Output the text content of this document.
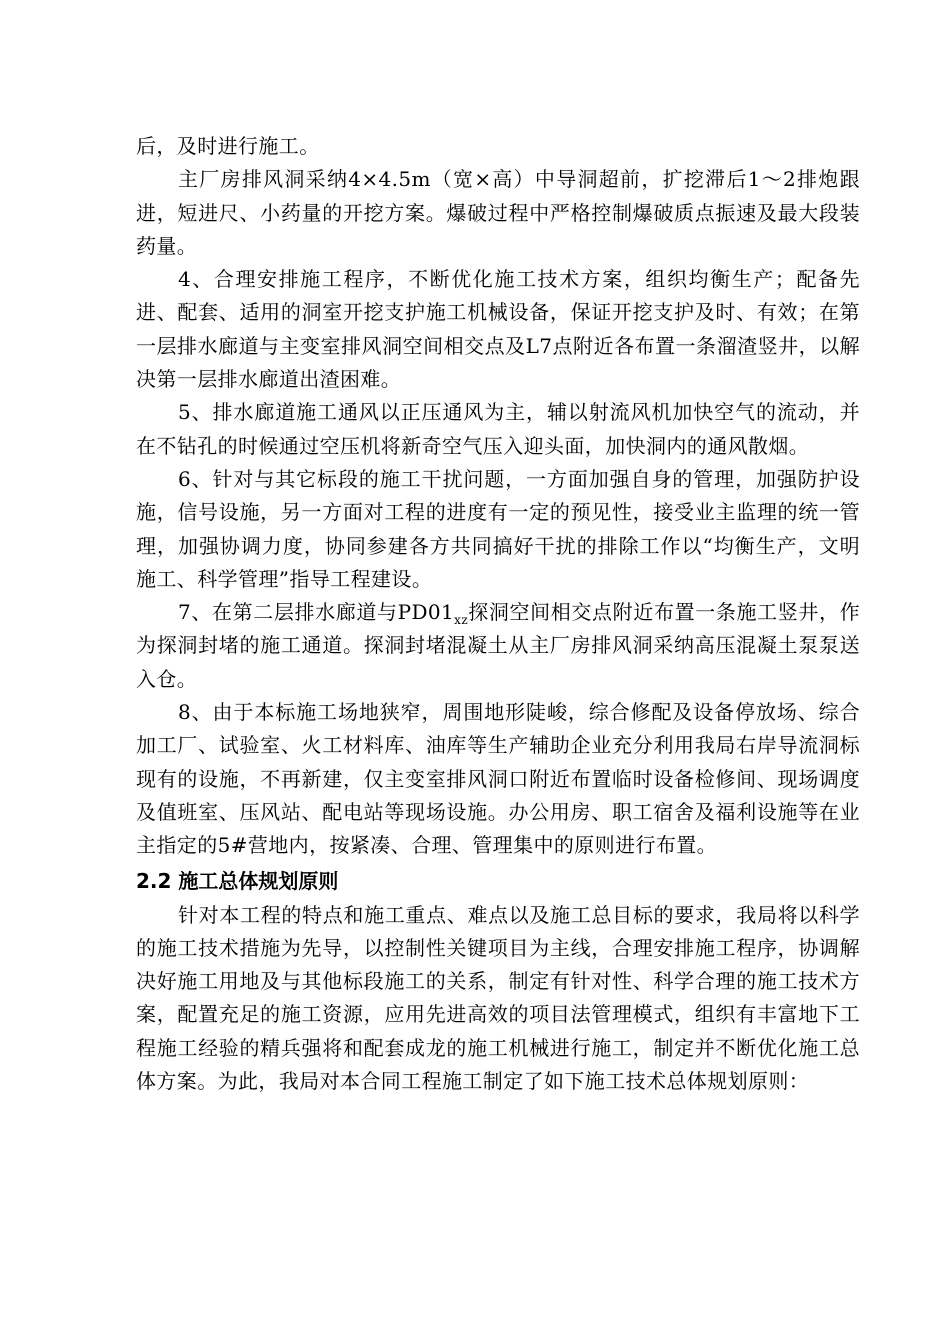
后，及时进行施工。

主厂房排风洞采纳4×4.5m（宽×高）中导洞超前，扩挖滞后1～2排炮跟进，短进尺、小药量的开挖方案。爆破过程中严格控制爆破质点振速及最大段装药量。

4、合理安排施工程序，不断优化施工技术方案，组织均衡生产；配备先进、配套、适用的洞室开挖支护施工机械设备，保证开挖支护及时、有效；在第一层排水廊道与主变室排风洞空间相交点及L7点附近各布置一条溜渣竖井，以解决第一层排水廊道出渣困难。

5、排水廊道施工通风以正压通风为主，辅以射流风机加快空气的流动，并在不钻孔的时候通过空压机将新奇空气压入迎头面，加快洞内的通风散烟。

6、针对与其它标段的施工干扰问题，一方面加强自身的管理，加强防护设施，信号设施，另一方面对工程的进度有一定的预见性，接受业主监理的统一管理，加强协调力度，协同参建各方共同搞好干扰的排除工作以“均衡生产，文明施工、科学管理”指导工程建设。

7、在第二层排水廊道与$PD01_{xz}$探洞空间相交点附近布置一条施工竖井，作为探洞封堵的施工通道。探洞封堵混凝土从主厂房排风洞采纳高压混凝土泵泵送入仓。

8、由于本标施工场地狭窄，周围地形陡峻，综合修配及设备停放场、综合加工厂、试验室、火工材料库、油库等生产辅助企业充分利用我局右岸导流洞标现有的设施，不再新建，仅主变室排风洞口附近布置临时设备检修间、现场调度及值班室、压风站、配电站等现场设施。办公用房、职工宿舍及福利设施等在业主指定的5#营地内，按紧凑、合理、管理集中的原则进行布置。

2.2 施工总体规划原则

针对本工程的特点和施工重点、难点以及施工总目标的要求，我局将以科学的施工技术措施为先导，以控制性关键项目为主线，合理安排施工程序，协调解决好施工用地及与其他标段施工的关系，制定有针对性、科学合理的施工技术方案，配置充足的施工资源，应用先进高效的项目法管理模式，组织有丰富地下工程施工经验的精兵强将和配套成龙的施工机械进行施工，制定并不断优化施工总体方案。为此，我局对本合同工程施工制定了如下施工技术总体规划原则：
